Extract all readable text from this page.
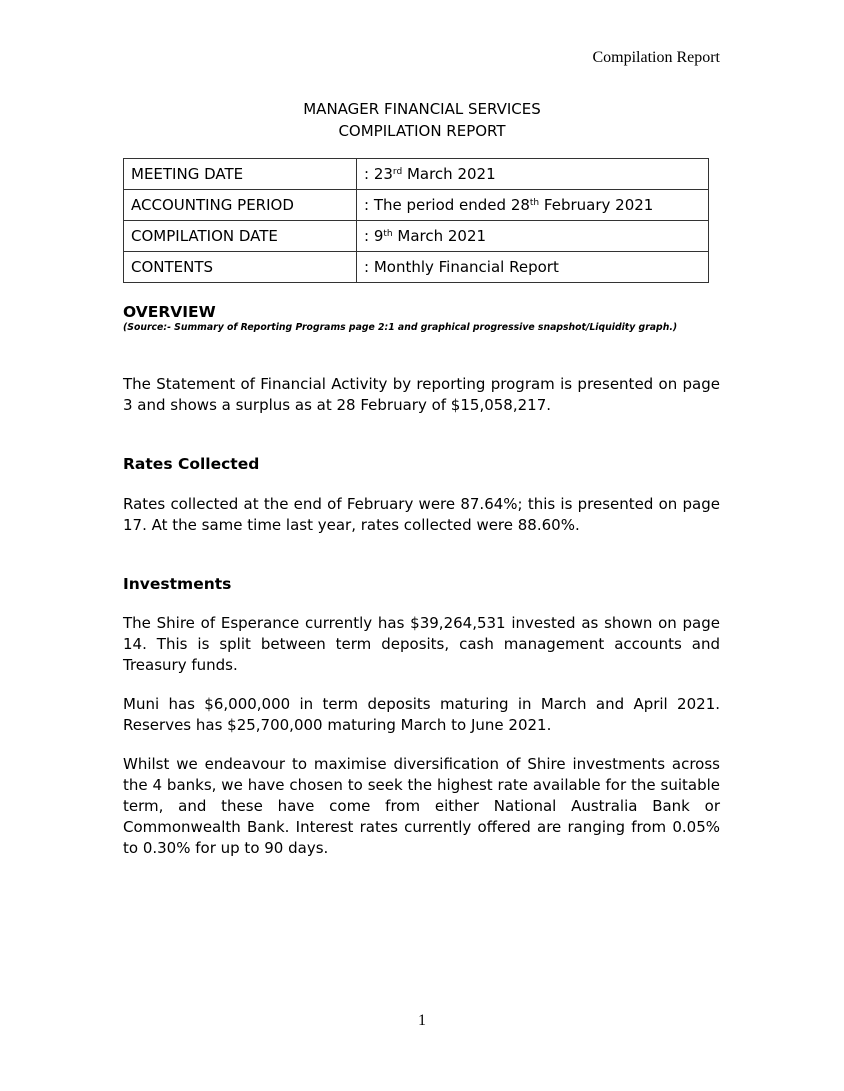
Compilation Report
MANAGER FINANCIAL SERVICES
COMPILATION REPORT
MEETING DATE	: 23rd March 2021
ACCOUNTING PERIOD	: The period ended 28th February 2021
COMPILATION DATE	: 9th March 2021
CONTENTS	: Monthly Financial Report
OVERVIEW
(Source:- Summary of Reporting Programs page 2:1 and graphical progressive snapshot/Liquidity graph.)

The Statement of Financial Activity by reporting program is presented on page 3 and shows a surplus as at 28 February of $15,058,217.

Rates Collected

Rates collected at the end of February were 87.64%; this is presented on page 17. At the same time last year, rates collected were 88.60%.

Investments

The Shire of Esperance currently has $39,264,531 invested as shown on page 14. This is split between term deposits, cash management accounts and Treasury funds.

Muni has $6,000,000 in term deposits maturing in March and April 2021. Reserves has $25,700,000 maturing March to June 2021.

Whilst we endeavour to maximise diversification of Shire investments across the 4 banks, we have chosen to seek the highest rate available for the suitable term, and these have come from either National Australia Bank or Commonwealth Bank. Interest rates currently offered are ranging from 0.05% to 0.30% for up to 90 days.

1
